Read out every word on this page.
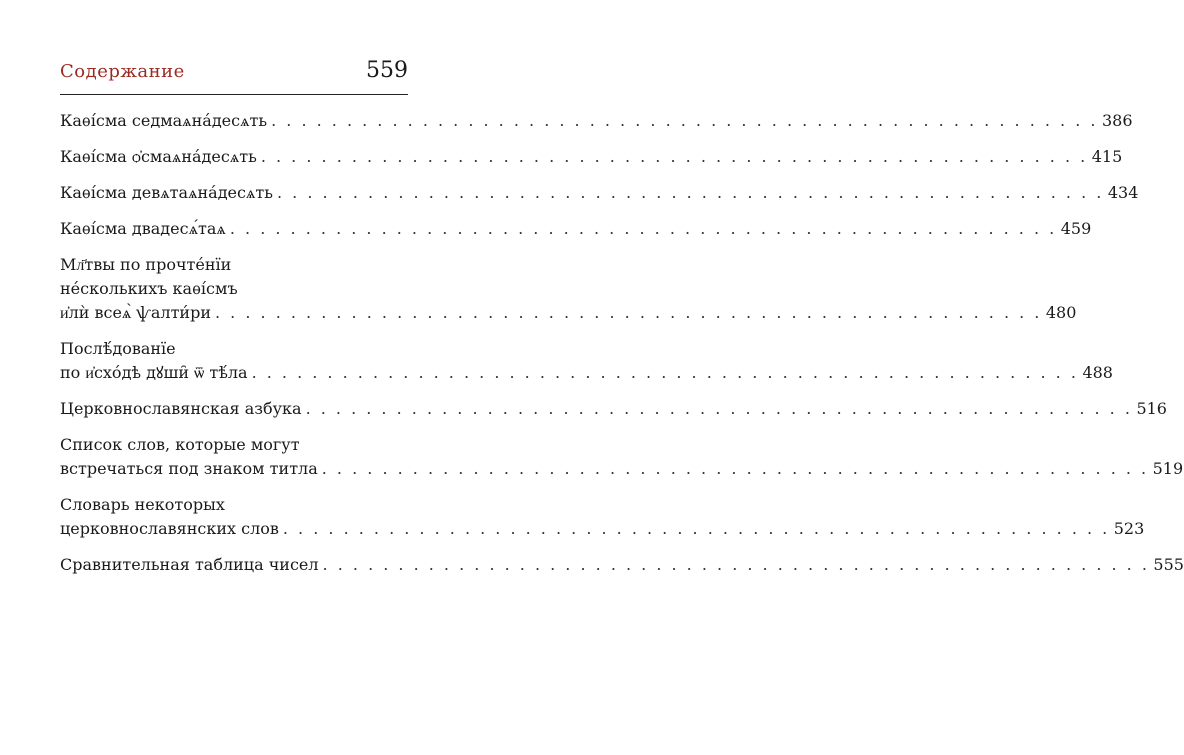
Содержание	559
Каѳі́сма седмаѧна́десѧть . . . . . . . . . . . . . . . . . . . . . . . . . . . . . . . . . . . . . . . . . . . . . . . . . . . . . . . 386
Каѳі́сма ѻ҆смаѧна́десѧть . . . . . . . . . . . . . . . . . . . . . . . . . . . . . . . . . . . . . . . . . . . . . . . . . . . . . . . 415
Каѳі́сма девѧтаѧна́десѧть . . . . . . . . . . . . . . . . . . . . . . . . . . . . . . . . . . . . . . . . . . . . . . . . . . . . . . . 434
Каѳі́сма двадесѧ́таѧ . . . . . . . . . . . . . . . . . . . . . . . . . . . . . . . . . . . . . . . . . . . . . . . . . . . . . . . 459
Мл҃твы по прочте́нїи
не́сколькихъ каѳі́смъ
и҆лѝ всеѧ̀ ѱалти́ри . . . . . . . . . . . . . . . . . . . . . . . . . . . . . . . . . . . . . . . . . . . . . . . . . . . . . . . 480
Послѣ́дованїе
по и҆схо́дѣ дꙋши̑ ѿ тѣ́ла . . . . . . . . . . . . . . . . . . . . . . . . . . . . . . . . . . . . . . . . . . . . . . . . . . . . . . . 488
Церковнославянская азбука . . . . . . . . . . . . . . . . . . . . . . . . . . . . . . . . . . . . . . . . . . . . . . . . . . . . . . . 516
Список слов, которые могут
встречаться под знаком титла . . . . . . . . . . . . . . . . . . . . . . . . . . . . . . . . . . . . . . . . . . . . . . . . . . . . . . . 519
Словарь некоторых
церковнославянских слов . . . . . . . . . . . . . . . . . . . . . . . . . . . . . . . . . . . . . . . . . . . . . . . . . . . . . . . 523
Сравнительная таблица чисел . . . . . . . . . . . . . . . . . . . . . . . . . . . . . . . . . . . . . . . . . . . . . . . . . . . . . . . 555
